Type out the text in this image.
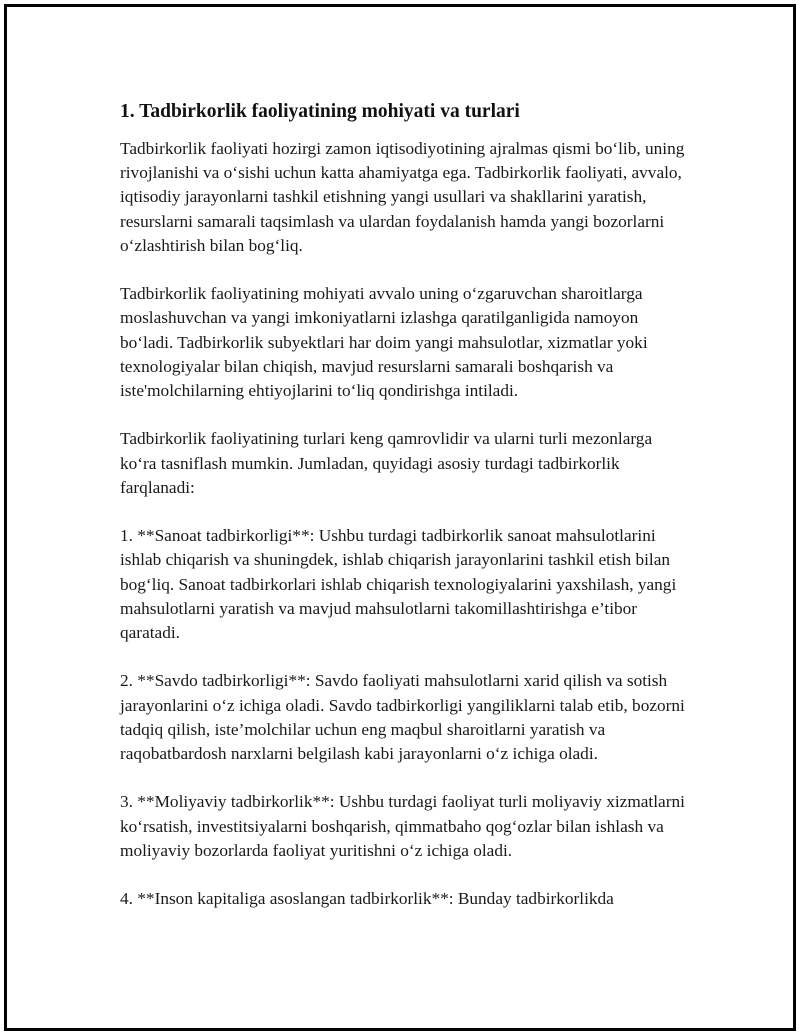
1. Tadbirkorlik faoliyatining mohiyati va turlari

Tadbirkorlik faoliyati hozirgi zamon iqtisodiyotining ajralmas qismi bo‘lib, uning rivojlanishi va o‘sishi uchun katta ahamiyatga ega. Tadbirkorlik faoliyati, avvalo, iqtisodiy jarayonlarni tashkil etishning yangi usullari va shakllarini yaratish, resurslarni samarali taqsimlash va ulardan foydalanish hamda yangi bozorlarni o‘zlashtirish bilan bog‘liq.

Tadbirkorlik faoliyatining mohiyati avvalo uning o‘zgaruvchan sharoitlarga moslashuvchan va yangi imkoniyatlarni izlashga qaratilganligida namoyon bo‘ladi. Tadbirkorlik subyektlari har doim yangi mahsulotlar, xizmatlar yoki texnologiyalar bilan chiqish, mavjud resurslarni samarali boshqarish va iste'molchilarning ehtiyojlarini to‘liq qondirishga intiladi.

Tadbirkorlik faoliyatining turlari keng qamrovlidir va ularni turli mezonlarga ko‘ra tasniflash mumkin. Jumladan, quyidagi asosiy turdagi tadbirkorlik farqlanadi:

1. **Sanoat tadbirkorligi**: Ushbu turdagi tadbirkorlik sanoat mahsulotlarini ishlab chiqarish va shuningdek, ishlab chiqarish jarayonlarini tashkil etish bilan bog‘liq. Sanoat tadbirkorlari ishlab chiqarish texnologiyalarini yaxshilash, yangi mahsulotlarni yaratish va mavjud mahsulotlarni takomillashtirishga e’tibor qaratadi.

2. **Savdo tadbirkorligi**: Savdo faoliyati mahsulotlarni xarid qilish va sotish jarayonlarini o‘z ichiga oladi. Savdo tadbirkorligi yangiliklarni talab etib, bozorni tadqiq qilish, iste’molchilar uchun eng maqbul sharoitlarni yaratish va raqobatbardosh narxlarni belgilash kabi jarayonlarni o‘z ichiga oladi.

3. **Moliyaviy tadbirkorlik**: Ushbu turdagi faoliyat turli moliyaviy xizmatlarni ko‘rsatish, investitsiyalarni boshqarish, qimmatbaho qog‘ozlar bilan ishlash va moliyaviy bozorlarda faoliyat yuritishni o‘z ichiga oladi.

4. **Inson kapitaliga asoslangan tadbirkorlik**: Bunday tadbirkorlikda
